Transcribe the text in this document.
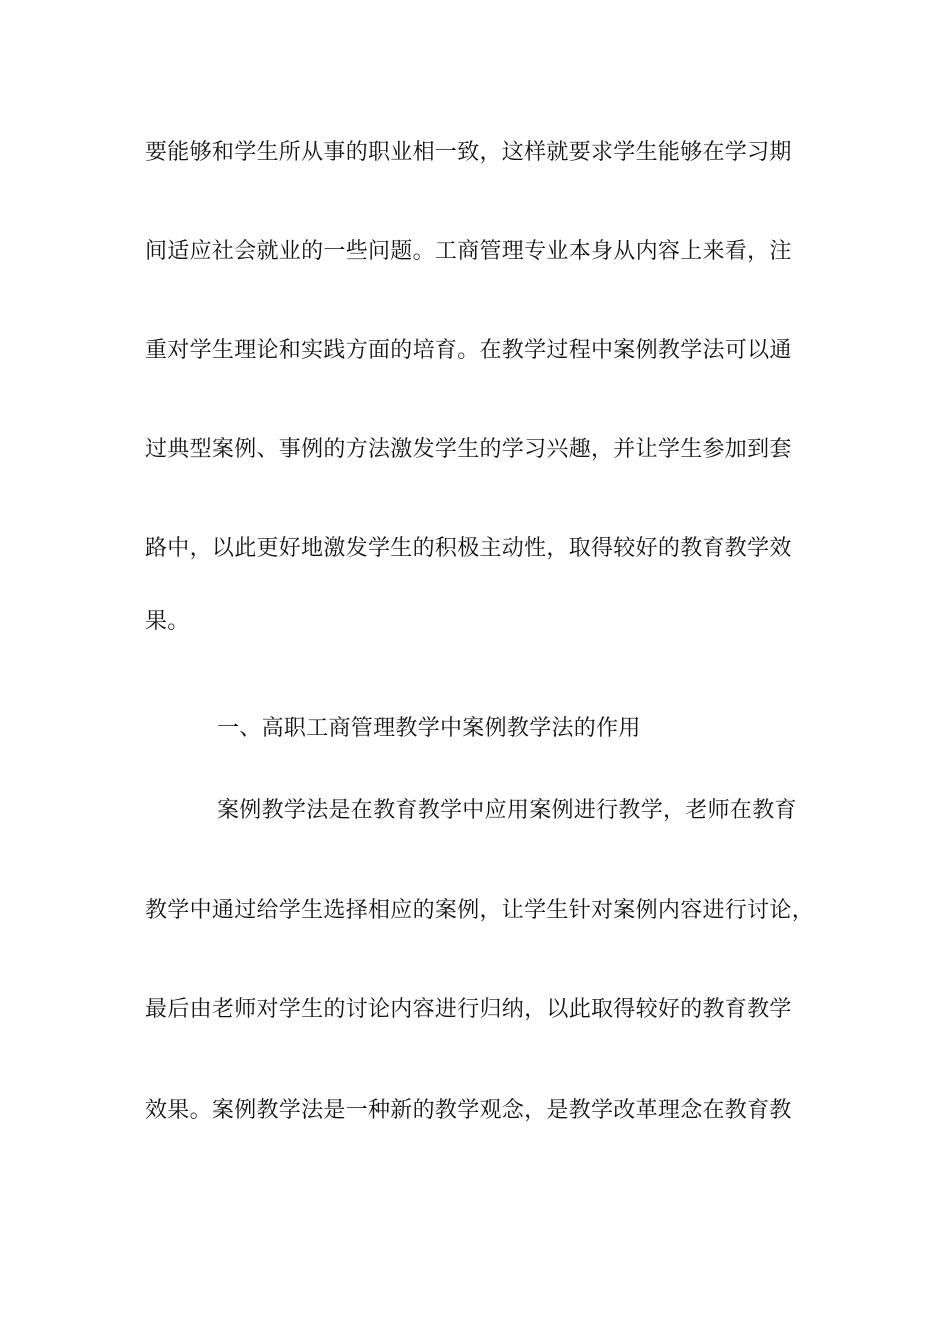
要能够和学生所从事的职业相一致，这样就要求学生能够在学习期
间适应社会就业的一些问题。工商管理专业本身从内容上来看，注
重对学生理论和实践方面的培育。在教学过程中案例教学法可以通
过典型案例、事例的方法激发学生的学习兴趣，并让学生参加到套
路中，以此更好地激发学生的积极主动性，取得较好的教育教学效
果。
一、高职工商管理教学中案例教学法的作用
案例教学法是在教育教学中应用案例进行教学，老师在教育
教学中通过给学生选择相应的案例，让学生针对案例内容进行讨论，
最后由老师对学生的讨论内容进行归纳，以此取得较好的教育教学
效果。案例教学法是一种新的教学观念，是教学改革理念在教育教
